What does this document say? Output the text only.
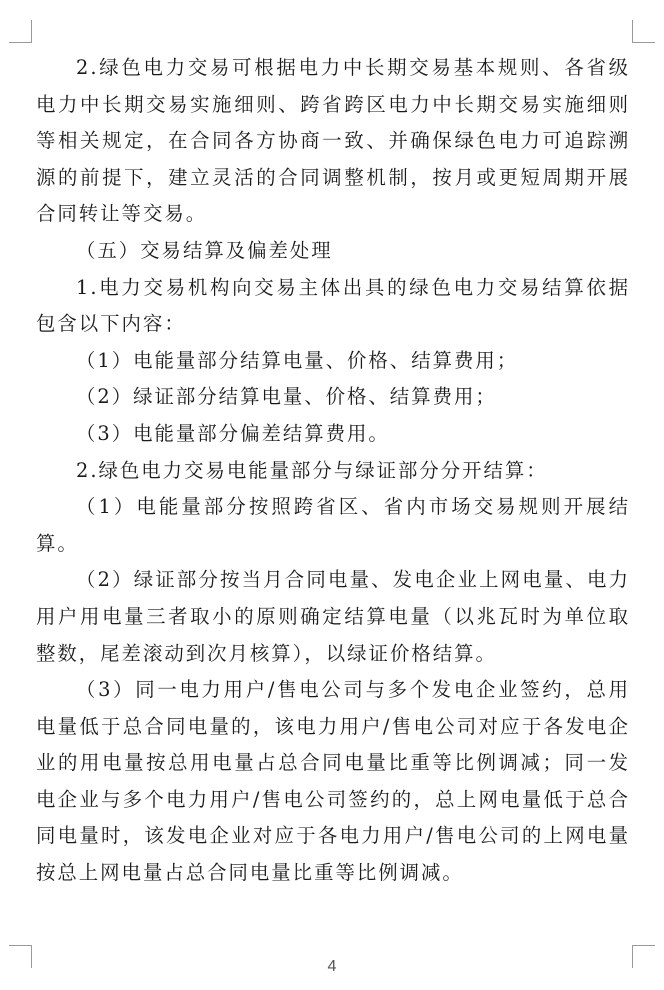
2.绿色电力交易可根据电力中长期交易基本规则、各省级电力中长期交易实施细则、跨省跨区电力中长期交易实施细则等相关规定，在合同各方协商一致、并确保绿色电力可追踪溯源的前提下，建立灵活的合同调整机制，按月或更短周期开展合同转让等交易。

（五）交易结算及偏差处理

1.电力交易机构向交易主体出具的绿色电力交易结算依据包含以下内容：

（1）电能量部分结算电量、价格、结算费用；

（2）绿证部分结算电量、价格、结算费用；

（3）电能量部分偏差结算费用。

2.绿色电力交易电能量部分与绿证部分分开结算：

（1）电能量部分按照跨省区、省内市场交易规则开展结算。

（2）绿证部分按当月合同电量、发电企业上网电量、电力用户用电量三者取小的原则确定结算电量（以兆瓦时为单位取整数，尾差滚动到次月核算），以绿证价格结算。

（3）同一电力用户/售电公司与多个发电企业签约，总用电量低于总合同电量的，该电力用户/售电公司对应于各发电企业的用电量按总用电量占总合同电量比重等比例调减；同一发电企业与多个电力用户/售电公司签约的，总上网电量低于总合同电量时，该发电企业对应于各电力用户/售电公司的上网电量按总上网电量占总合同电量比重等比例调减。

4
